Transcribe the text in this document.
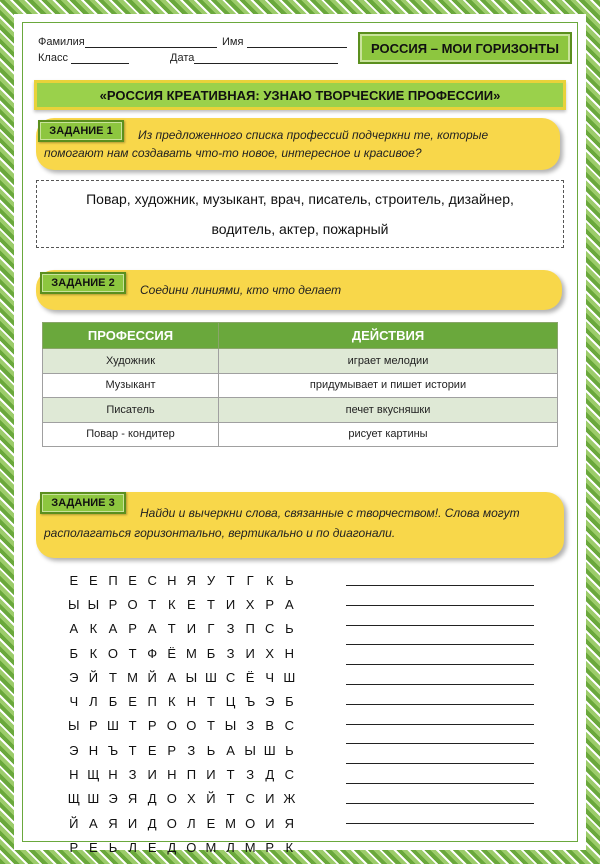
Фамилия	Имя
Класс	Дата
РОССИЯ – МОИ ГОРИЗОНТЫ
«РОССИЯ КРЕАТИВНАЯ: УЗНАЮ ТВОРЧЕСКИЕ ПРОФЕССИИ»
Из предложенного списка профессий подчеркни те, которые
помогают нам создавать что-то новое, интересное и красивое?
ЗАДАНИЕ 1
Повар, художник, музыкант, врач, писатель, строитель, дизайнер,
водитель, актер, пожарный
Соедини линиями, кто что делает
ЗАДАНИЕ 2
ПРОФЕССИЯ	ДЕЙСТВИЯ
Художник	играет мелодии
Музыкант	придумывает и пишет истории
Писатель	печет вкусняшки
Повар - кондитер	рисует картины
Найди и вычеркни слова, связанные с творчеством!. Слова могут
располагаться горизонтально, вертикально и по диагонали.
ЗАДАНИЕ 3
Е Е П Е С Н Я У Т Г К Ь
Ы Ы Р О Т К Е Т И Х Р А
А К А Р А Т И Г З П С Ь
Б К О Т Ф Ё М Б З И Х Н
Э Й Т М Й А Ы Ш С Ё Ч Ш
Ч Л Б Е П К Н Т Ц Ъ Э Б
Ы Р Ш Т Р О О Т Ы З В С
Э Н Ъ Т Е Р З Ь А Ы Ш Ь
Н Щ Н З И Н П И Т З Д С
Щ Ш Э Я Д О Х Й Т С И Ж
Й А Я И Д О Л Е М О И Я
Р Е Ь Л Е Д О М Л М Р К
